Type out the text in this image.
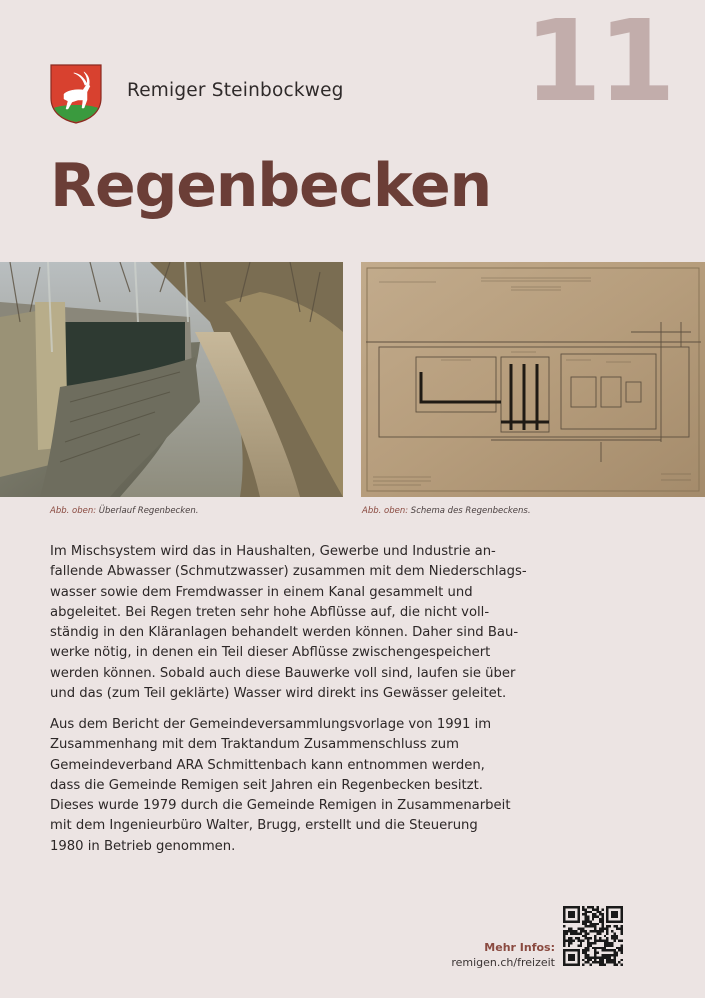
Remiger Steinbockweg 11
Regenbecken
Abb. oben: Überlauf Regenbecken.	Abb. oben: Schema des Regenbeckens.

Im Mischsystem wird das in Haushalten, Gewerbe und Industrie an-
fallende Abwasser (Schmutzwasser) zusammen mit dem Niederschlags-
wasser sowie dem Fremdwasser in einem Kanal gesammelt und
abgeleitet. Bei Regen treten sehr hohe Abflüsse auf, die nicht voll-
ständig in den Kläranlagen behandelt werden können. Daher sind Bau-
werke nötig, in denen ein Teil dieser Abflüsse zwischengespeichert
werden können. Sobald auch diese Bauwerke voll sind, laufen sie über
und das (zum Teil geklärte) Wasser wird direkt ins Gewässer geleitet.

Aus dem Bericht der Gemeindeversammlungsvorlage von 1991 im
Zusammenhang mit dem Traktandum Zusammenschluss zum
Gemeindeverband ARA Schmittenbach kann entnommen werden,
dass die Gemeinde Remigen seit Jahren ein Regenbecken besitzt.
Dieses wurde 1979 durch die Gemeinde Remigen in Zusammenarbeit
mit dem Ingenieurbüro Walter, Brugg, erstellt und die Steuerung
1980 in Betrieb genommen.

Mehr Infos:
remigen.ch/freizeit
